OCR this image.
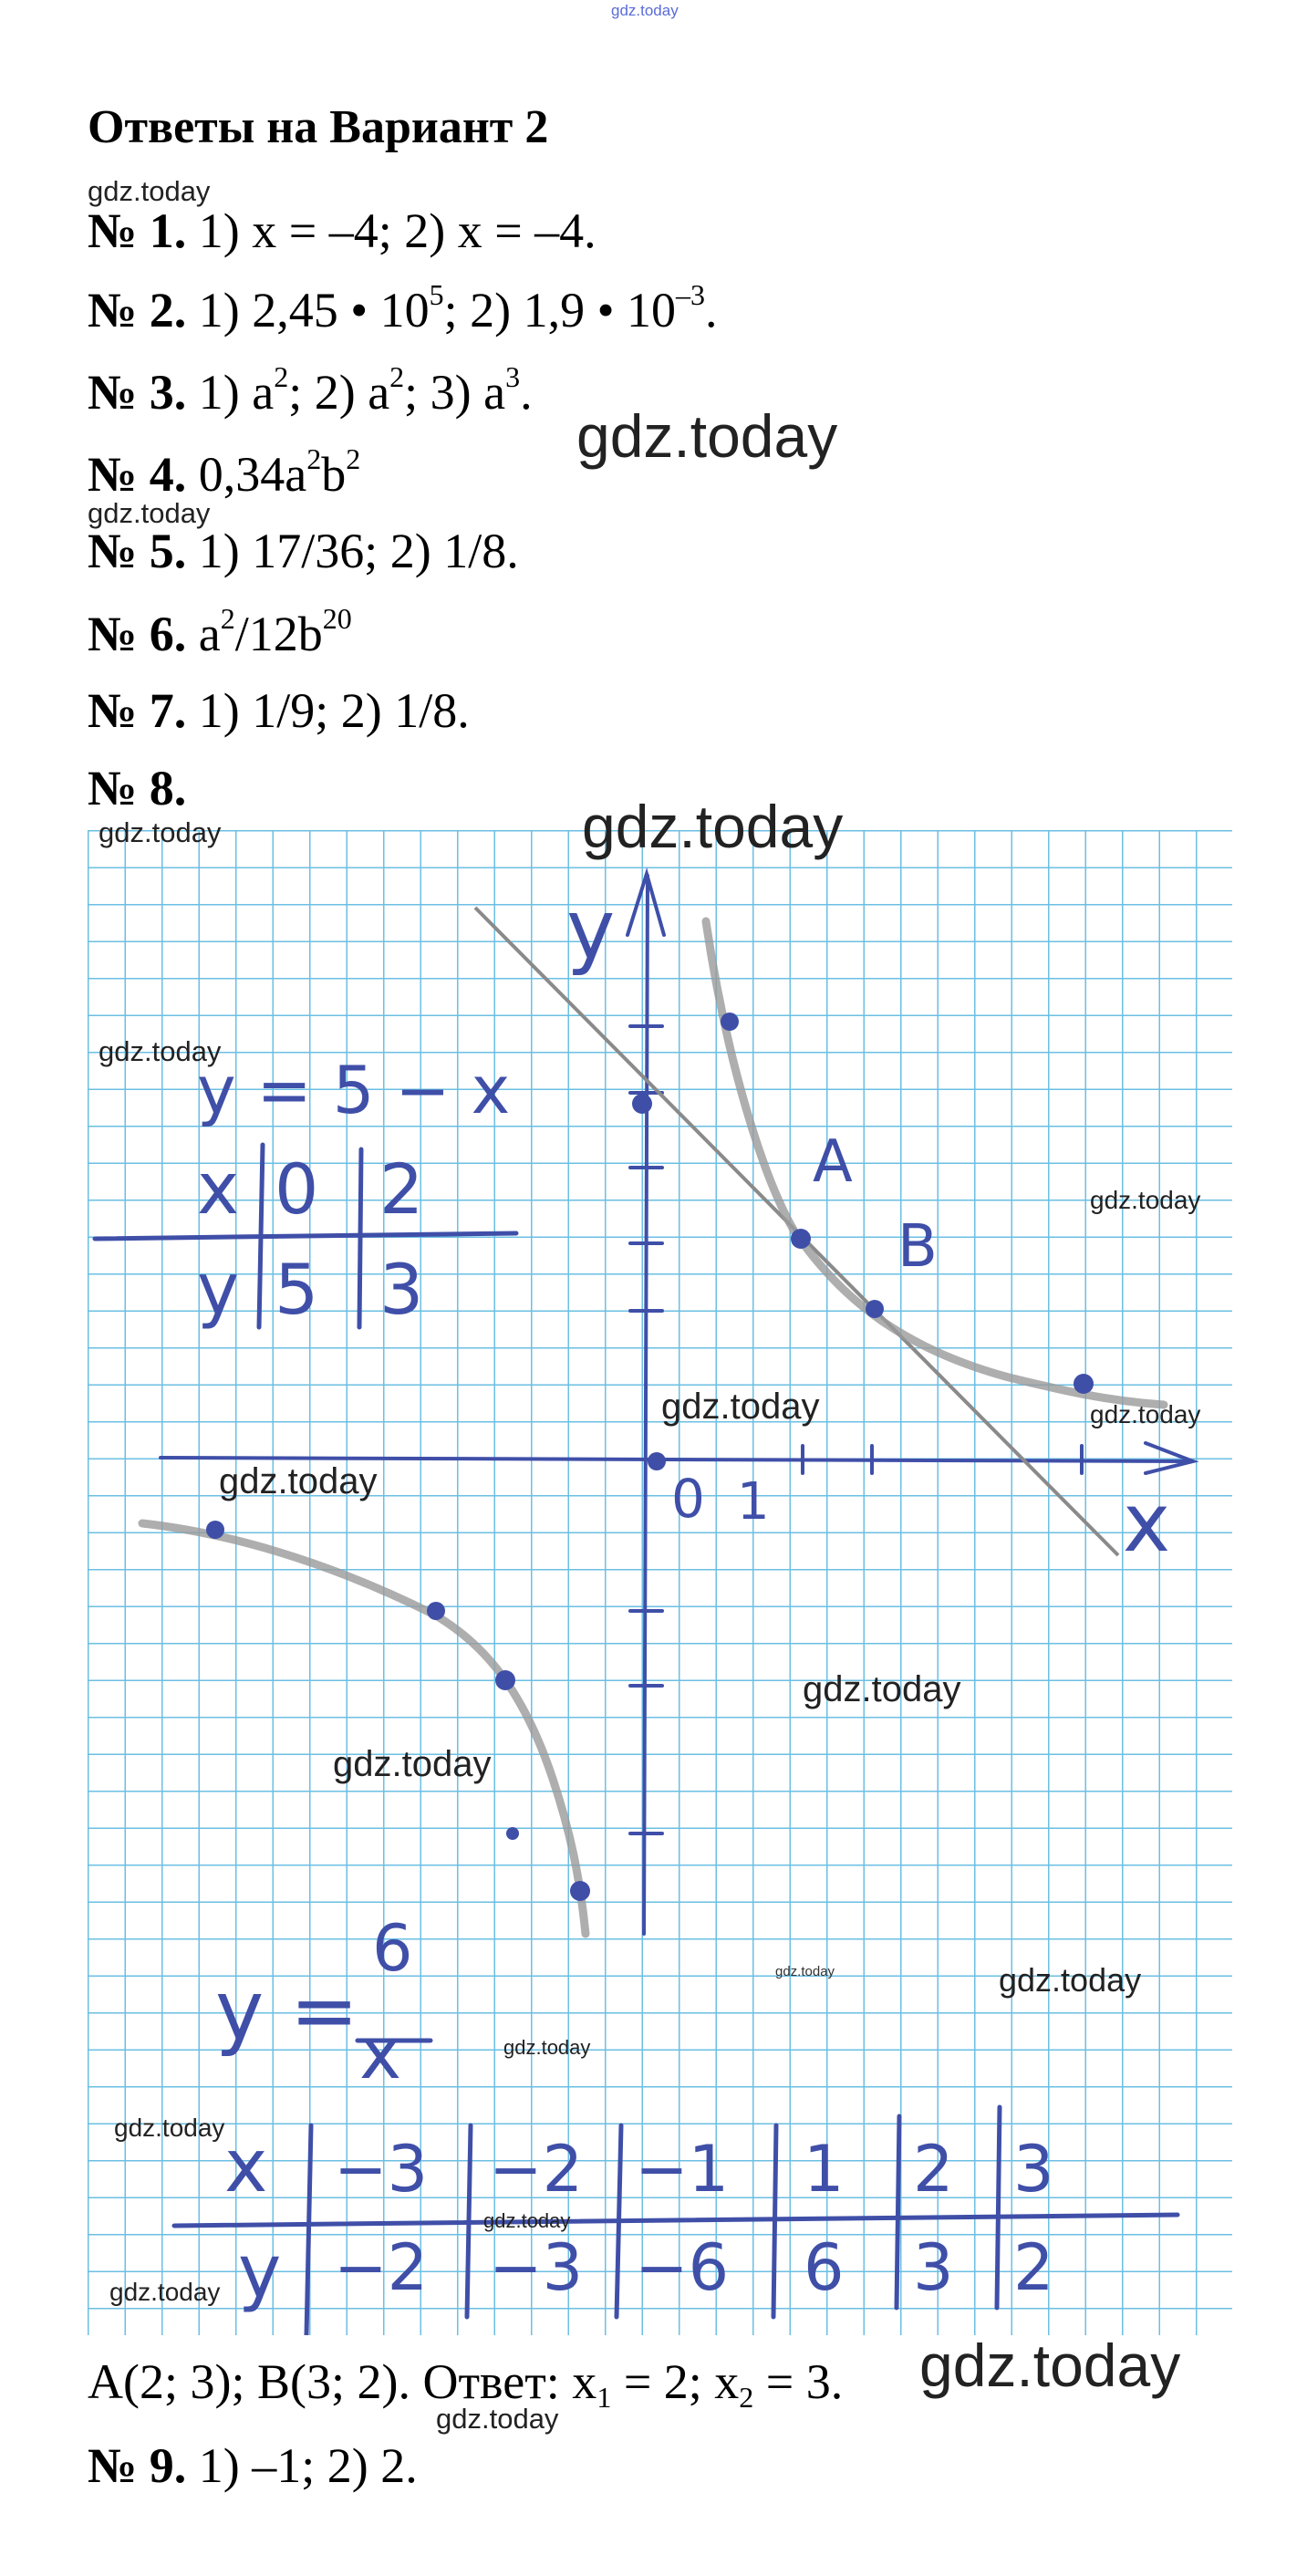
gdz.today
Ответы на Вариант 2
№ 1. 1) x = –4; 2) x = –4.
№ 2. 1) 2,45 • $10^5$; 2) 1,9 • $10^{-3}$.
№ 3. 1) $a^2$; 2) $a^2$; 3) $a^3$.
№ 4. $0,34a^2b^2$
№ 5. 1) 17/36; 2) 1/8.
№ 6. $a^2/12b^{20}$
№ 7. 1) 1/9; 2) 1/8.
№ 8.
y
x
0 1
A
B
y = 5 − x
x 0 2
y 5 3
y =
6
x
x
y
−3 −2 −1 1 2 3
−2 −3 −6 6 3 2
gdz.today
gdz.today
gdz.today
gdz.today
gdz.today
gdz.today
gdz.today
gdz.today	gdz.today
gdz.today
gdz.today
gdz.today
gdz.today	gdz.today
gdz.today
gdz.today
gdz.today
gdz.today
gdz.today
gdz.today
A(2; 3); B(3; 2). Ответ: $x_1 = 2$; $x_2 = 3$.
№ 9. 1) –1; 2) 2.
